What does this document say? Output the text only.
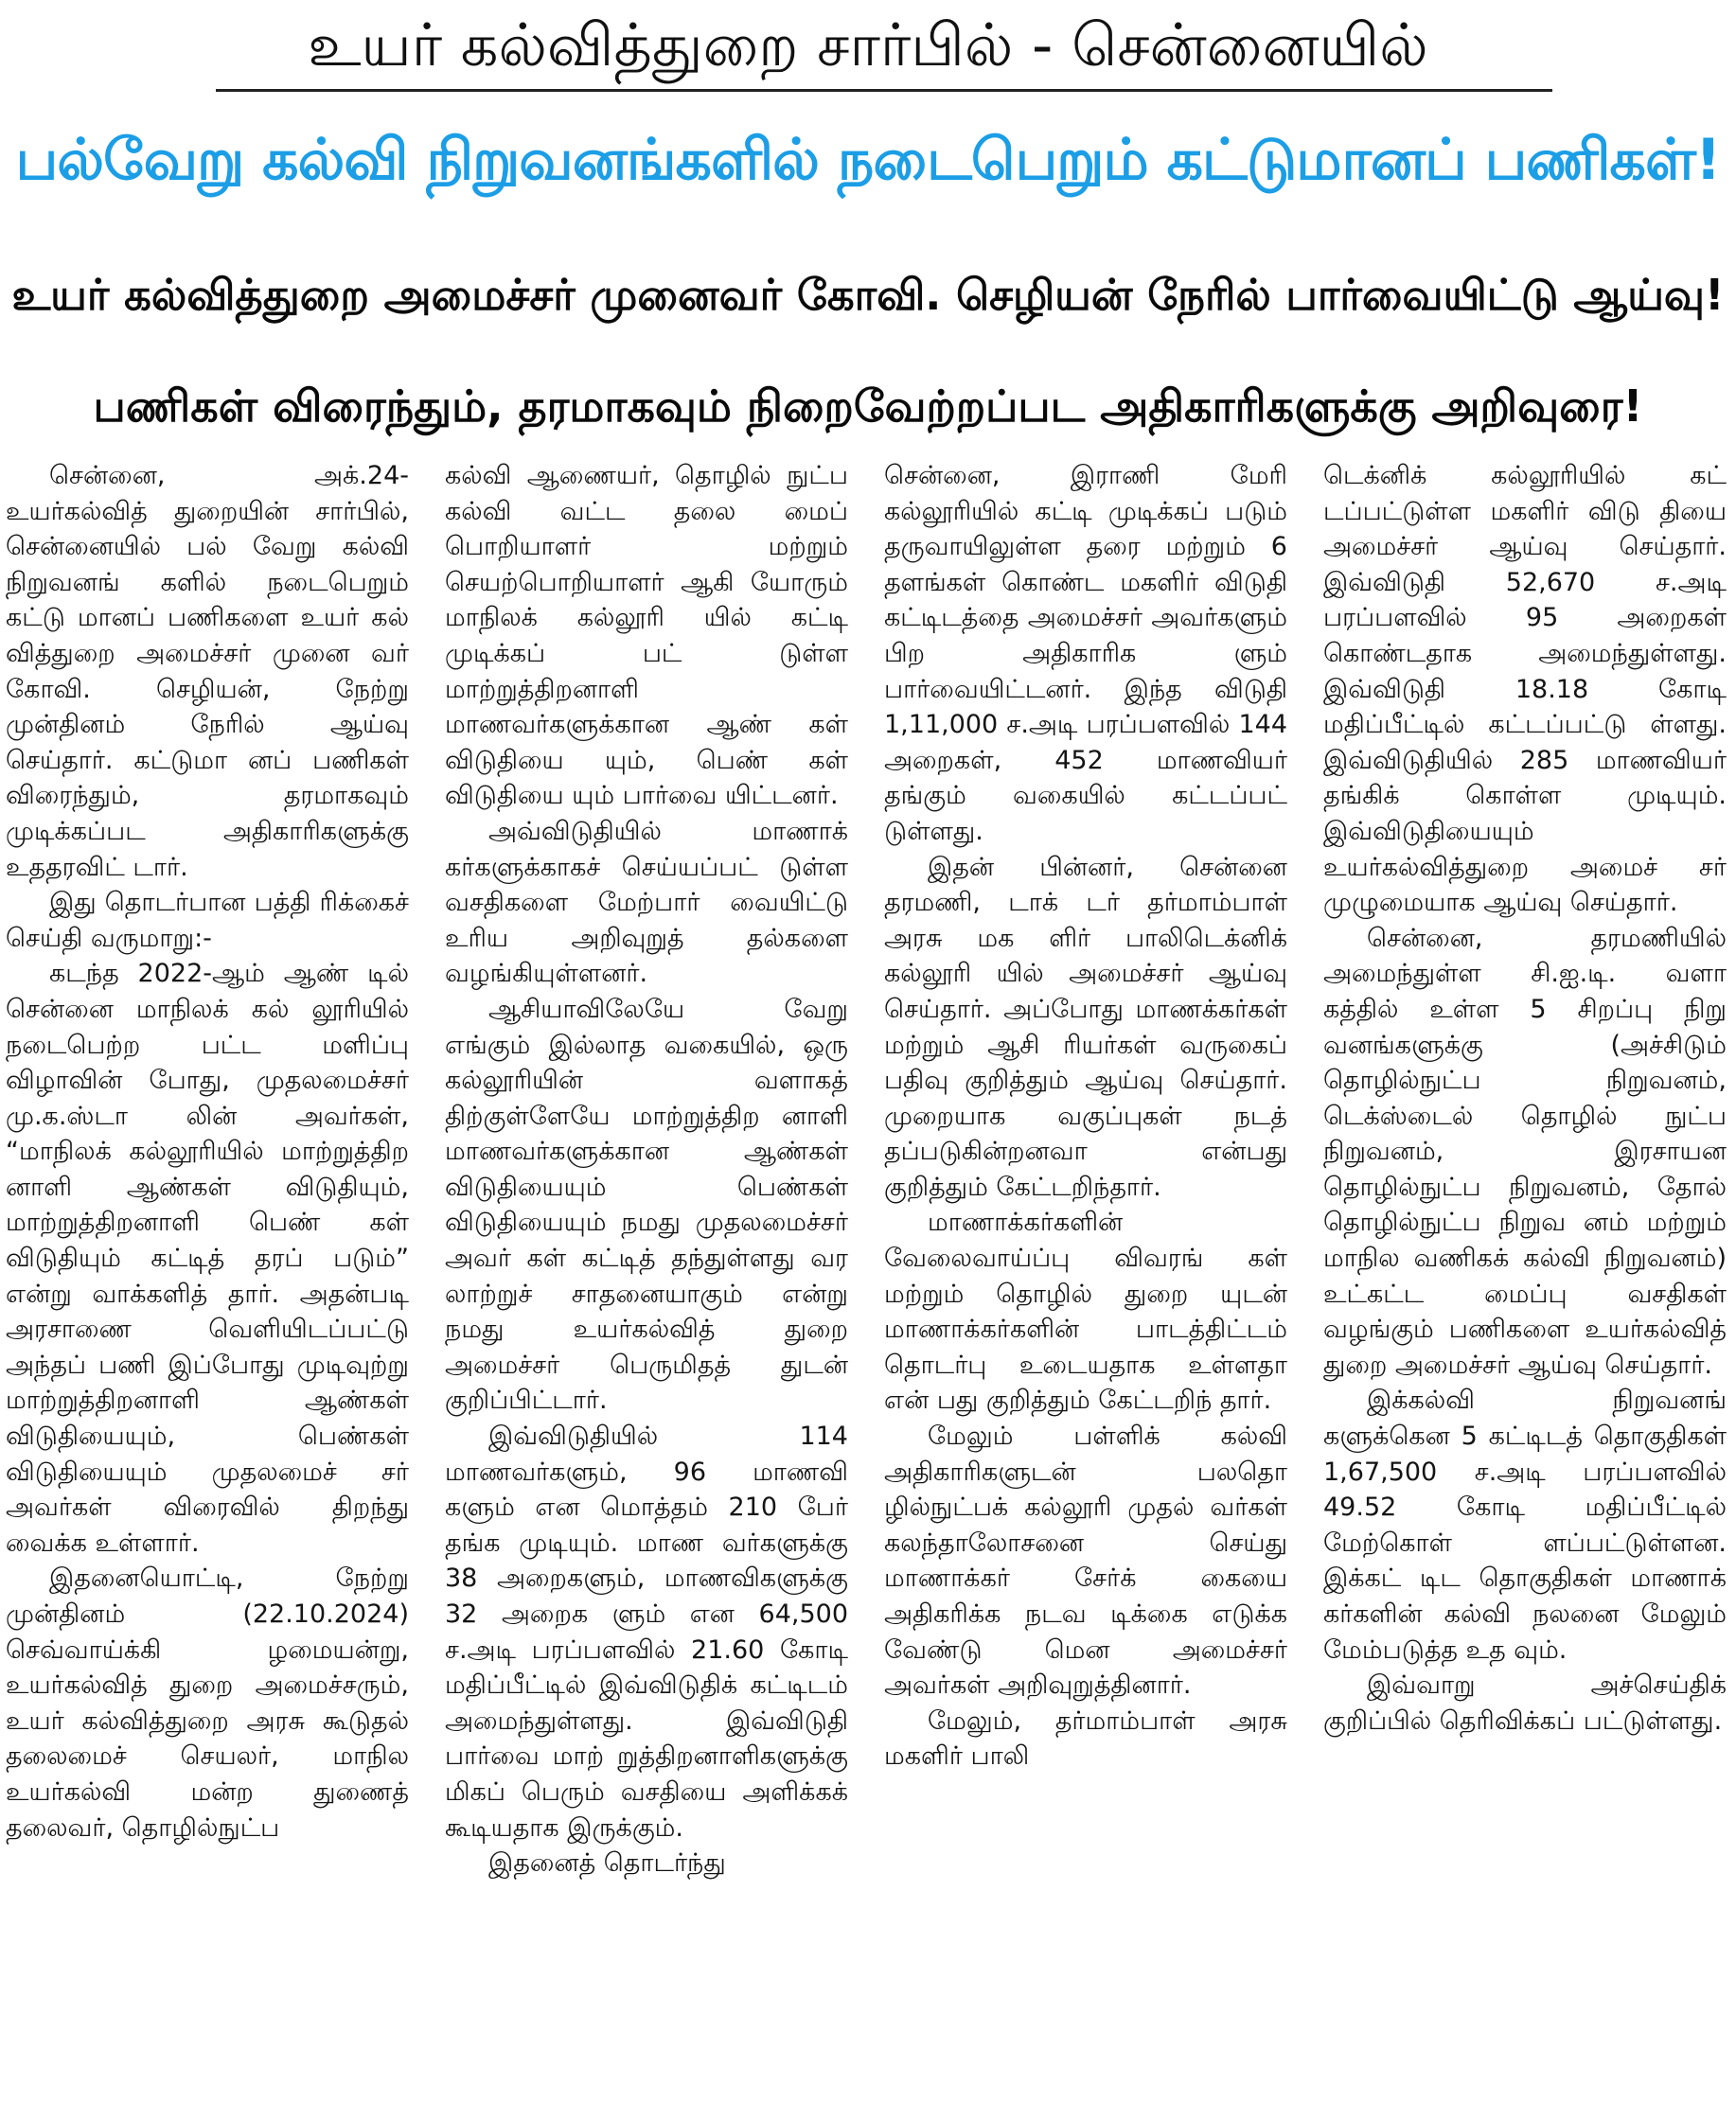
உயர் கல்வித்துறை சார்பில் - சென்னையில்
பல்வேறு கல்வி நிறுவனங்களில் நடைபெறும் கட்டுமானப் பணிகள்!
உயர் கல்வித்துறை அமைச்சர் முனைவர் கோவி. செழியன் நேரில் பார்வையிட்டு ஆய்வு!
பணிகள் விரைந்தும், தரமாகவும் நிறைவேற்றப்பட அதிகாரிகளுக்கு அறிவுரை!

சென்னை, அக்.24- உயர்கல்வித் துறையின் சார்பில், சென்னையில் பல் வேறு கல்வி நிறுவனங் களில் நடைபெறும் கட்டு மானப் பணிகளை உயர் கல் வித்துறை அமைச்சர் முனை வர் கோவி. செழியன், நேற்று முன்தினம் நேரில் ஆய்வு செய்தார். கட்டுமா னப் பணிகள் விரைந்தும், தரமாகவும் முடிக்கப்பட அதிகாரிகளுக்கு உததரவிட் டார்.

இது தொடர்பான பத்தி ரிக்கைச் செய்தி வருமாறு:-

கடந்த 2022-ஆம் ஆண் டில் சென்னை மாநிலக் கல் லூரியில் நடைபெற்ற பட்ட மளிப்பு விழாவின் போது, முதலமைச்சர் மு.க.ஸ்டா லின் அவர்கள், “மாநிலக் கல்லூரியில் மாற்றுத்திற னாளி ஆண்கள் விடுதியும், மாற்றுத்திறனாளி பெண் கள் விடுதியும் கட்டித் தரப் படும்” என்று வாக்களித் தார். அதன்படி அரசாணை வெளியிடப்பட்டு அந்தப் பணி இப்போது முடிவுற்று மாற்றுத்திறனாளி ஆண்கள் விடுதியையும், பெண்கள் விடுதியையும் முதலமைச் சர் அவர்கள் விரைவில் திறந்து வைக்க உள்ளார்.

இதனையொட்டி, நேற்று முன்தினம் (22.10.2024) செவ்வாய்க்கி ழமையன்று, உயர்கல்வித் துறை அமைச்சரும், உயர் கல்வித்துறை அரசு கூடுதல் தலைமைச் செயலர், மாநில உயர்கல்வி மன்ற துணைத் தலைவர், தொழில்நுட்ப

கல்வி ஆணையர், தொழில் நுட்ப கல்வி வட்ட தலை மைப் பொறியாளர் மற்றும் செயற்பொறியாளர் ஆகி யோரும் மாநிலக் கல்லூரி யில் கட்டி முடிக்கப் பட் டுள்ள மாற்றுத்திறனாளி மாணவர்களுக்கான ஆண் கள் விடுதியை யும், பெண் கள் விடுதியை யும் பார்வை யிட்டனர்.

அவ்விடுதியில் மாணாக் கர்களுக்காகச் செய்யப்பட் டுள்ள வசதிகளை மேற்பார் வையிட்டு உரிய அறிவுறுத் தல்களை வழங்கியுள்ளனர்.

ஆசியாவிலேயே வேறு எங்கும் இல்லாத வகையில், ஒரு கல்லூரியின் வளாகத் திற்குள்ளேயே மாற்றுத்திற னாளி மாணவர்களுக்கான ஆண்கள் விடுதியையும் பெண்கள் விடுதியையும் நமது முதலமைச்சர் அவர் கள் கட்டித் தந்துள்ளது வர லாற்றுச் சாதனையாகும் என்று நமது உயர்கல்வித் துறை அமைச்சர் பெருமிதத் துடன் குறிப்பிட்டார்.

இவ்விடுதியில் 114 மாணவர்களும், 96 மாணவி களும் என மொத்தம் 210 பேர் தங்க முடியும். மாண வர்களுக்கு 38 அறைகளும், மாணவிகளுக்கு 32 அறைக ளும் என 64,500 ச.அடி பரப்பளவில் 21.60 கோடி மதிப்பீட்டில் இவ்விடுதிக் கட்டிடம் அமைந்துள்ளது. இவ்விடுதி பார்வை மாற் றுத்திறனாளிகளுக்கு மிகப் பெரும் வசதியை அளிக்கக் கூடியதாக இருக்கும்.

இதனைத் தொடர்ந்து

சென்னை, இராணி மேரி கல்லூரியில் கட்டி முடிக்கப் படும் தருவாயிலுள்ள தரை மற்றும் 6 தளங்கள் கொண்ட மகளிர் விடுதி கட்டிடத்தை அமைச்சர் அவர்களும் பிற அதிகாரிக ளும் பார்வையிட்டனர். இந்த விடுதி 1,11,000 ச.அடி பரப்பளவில் 144 அறைகள், 452 மாணவியர் தங்கும் வகையில் கட்டப்பட் டுள்ளது.

இதன் பின்னர், சென்னை தரமணி, டாக் டர் தர்மாம்பாள் அரசு மக ளிர் பாலிடெக்னிக் கல்லூரி யில் அமைச்சர் ஆய்வு செய்தார். அப்போது மாணக்கர்கள் மற்றும் ஆசி ரியர்கள் வருகைப் பதிவு குறித்தும் ஆய்வு செய்தார். முறையாக வகுப்புகள் நடத் தப்படுகின்றனவா என்பது குறித்தும் கேட்டறிந்தார்.

மாணாக்கர்களின் வேலைவாய்ப்பு விவரங் கள் மற்றும் தொழில் துறை யுடன் மாணாக்கர்களின் பாடத்திட்டம் தொடர்பு உடையதாக உள்ளதா என் பது குறித்தும் கேட்டறிந் தார்.

மேலும் பள்ளிக் கல்வி அதிகாரிகளுடன் பலதொ ழில்நுட்பக் கல்லூரி முதல் வர்கள் கலந்தாலோசனை செய்து மாணாக்கர் சேர்க் கையை அதிகரிக்க நடவ டிக்கை எடுக்க வேண்டு மென அமைச்சர் அவர்கள் அறிவுறுத்தினார்.

மேலும், தர்மாம்பாள் அரசு மகளிர் பாலி

டெக்னிக் கல்லூரியில் கட் டப்பட்டுள்ள மகளிர் விடு தியை அமைச்சர் ஆய்வு செய்தார். இவ்விடுதி 52,670 ச.அடி பரப்பளவில் 95 அறைகள் கொண்டதாக அமைந்துள்ளது. இவ்விடுதி 18.18 கோடி மதிப்பீட்டில் கட்டப்பட்டு ள்ளது. இவ்விடுதியில் 285 மாணவியர் தங்கிக் கொள்ள முடியும். இவ்விடுதியையும் உயர்கல்வித்துறை அமைச் சர் முழுமையாக ஆய்வு செய்தார்.

சென்னை, தரமணியில் அமைந்துள்ள சி.ஐ.டி. வளா கத்தில் உள்ள 5 சிறப்பு நிறு வனங்களுக்கு (அச்சிடும் தொழில்நுட்ப நிறுவனம், டெக்ஸ்டைல் தொழில் நுட்ப நிறுவனம், இரசாயன தொழில்நுட்ப நிறுவனம், தோல் தொழில்நுட்ப நிறுவ னம் மற்றும் மாநில வணிகக் கல்வி நிறுவனம்) உட்கட்ட மைப்பு வசதிகள் வழங்கும் பணிகளை உயர்கல்வித் துறை அமைச்சர் ஆய்வு செய்தார்.

இக்கல்வி நிறுவனங் களுக்கென 5 கட்டிடத் தொகுதிகள் 1,67,500 ச.அடி பரப்பளவில் 49.52 கோடி மதிப்பீட்டில் மேற்கொள் ளப்பட்டுள்ளன. இக்கட் டிட தொகுதிகள் மாணாக் கர்களின் கல்வி நலனை மேலும் மேம்படுத்த உத வும்.

இவ்வாறு அச்செய்திக் குறிப்பில் தெரிவிக்கப் பட்டுள்ளது.
